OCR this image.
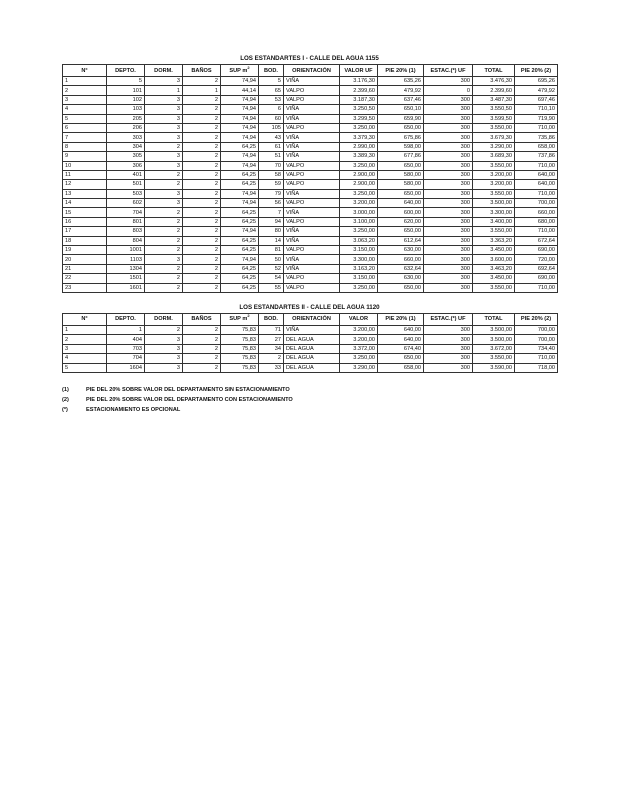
LOS ESTANDARTES I - CALLE DEL AGUA 1155
N°	DEPTO.	DORM.	BAÑOS	SUP $m^2$	BOD.	ORIENTACIÓN	VALOR UF	PIE 20% (1)	ESTAC.(*) UF	TOTAL	PIE 20% (2)
1	5	3	2	74,94	5	VIÑA	3.176,30	635,26	300	3.476,30	695,26
2	101	1	1	44,14	65	VALPO	2.399,60	479,92	0	2.399,60	479,92
3	102	3	2	74,94	53	VALPO	3.187,30	637,46	300	3.487,30	697,46
4	103	3	2	74,94	6	VIÑA	3.250,50	650,10	300	3.550,50	710,10
5	205	3	2	74,94	60	VIÑA	3.299,50	659,90	300	3.599,50	719,90
6	206	3	2	74,94	105	VALPO	3.250,00	650,00	300	3.550,00	710,00
7	303	3	2	74,94	43	VIÑA	3.379,30	675,86	300	3.679,30	735,86
8	304	2	2	64,25	61	VIÑA	2.990,00	598,00	300	3.290,00	658,00
9	305	3	2	74,94	51	VIÑA	3.389,30	677,86	300	3.689,30	737,86
10	306	3	2	74,94	70	VALPO	3.250,00	650,00	300	3.550,00	710,00
11	401	2	2	64,25	58	VALPO	2.900,00	580,00	300	3.200,00	640,00
12	501	2	2	64,25	59	VALPO	2.900,00	580,00	300	3.200,00	640,00
13	503	3	2	74,94	79	VIÑA	3.250,00	650,00	300	3.550,00	710,00
14	602	3	2	74,94	56	VALPO	3.200,00	640,00	300	3.500,00	700,00
15	704	2	2	64,25	7	VIÑA	3.000,00	600,00	300	3.300,00	660,00
16	801	2	2	64,25	94	VALPO	3.100,00	620,00	300	3.400,00	680,00
17	803	2	2	74,94	80	VIÑA	3.250,00	650,00	300	3.550,00	710,00
18	804	2	2	64,25	14	VIÑA	3.063,20	612,64	300	3.363,20	672,64
19	1001	2	2	64,25	81	VALPO	3.150,00	630,00	300	3.450,00	690,00
20	1103	3	2	74,94	50	VIÑA	3.300,00	660,00	300	3.600,00	720,00
21	1304	2	2	64,25	52	VIÑA	3.163,20	632,64	300	3.463,20	692,64
22	1501	2	2	64,25	54	VALPO	3.150,00	630,00	300	3.450,00	690,00
23	1601	2	2	64,25	55	VALPO	3.250,00	650,00	300	3.550,00	710,00
LOS ESTANDARTES II - CALLE DEL AGUA 1120
N°	DEPTO.	DORM.	BAÑOS	SUP $m^2$	BOD.	ORIENTACIÓN	VALOR	PIE 20% (1)	ESTAC.(*) UF	TOTAL	PIE 20% (2)
1	1	2	2	75,83	71	VIÑA	3.200,00	640,00	300	3.500,00	700,00
2	404	3	2	75,83	27	DEL AGUA	3.200,00	640,00	300	3.500,00	700,00
3	703	3	2	75,83	34	DEL AGUA	3.372,00	674,40	300	3.672,00	734,40
4	704	3	2	75,83	2	DEL AGUA	3.250,00	650,00	300	3.550,00	710,00
5	1604	3	2	75,83	33	DEL AGUA	3.290,00	658,00	300	3.590,00	718,00
(1)	PIE DEL 20% SOBRE VALOR DEL DEPARTAMENTO SIN ESTACIONAMIENTO
(2)	PIE DEL 20% SOBRE VALOR DEL DEPARTAMENTO CON ESTACIONAMIENTO
(*)	ESTACIONAMIENTO ES OPCIONAL
